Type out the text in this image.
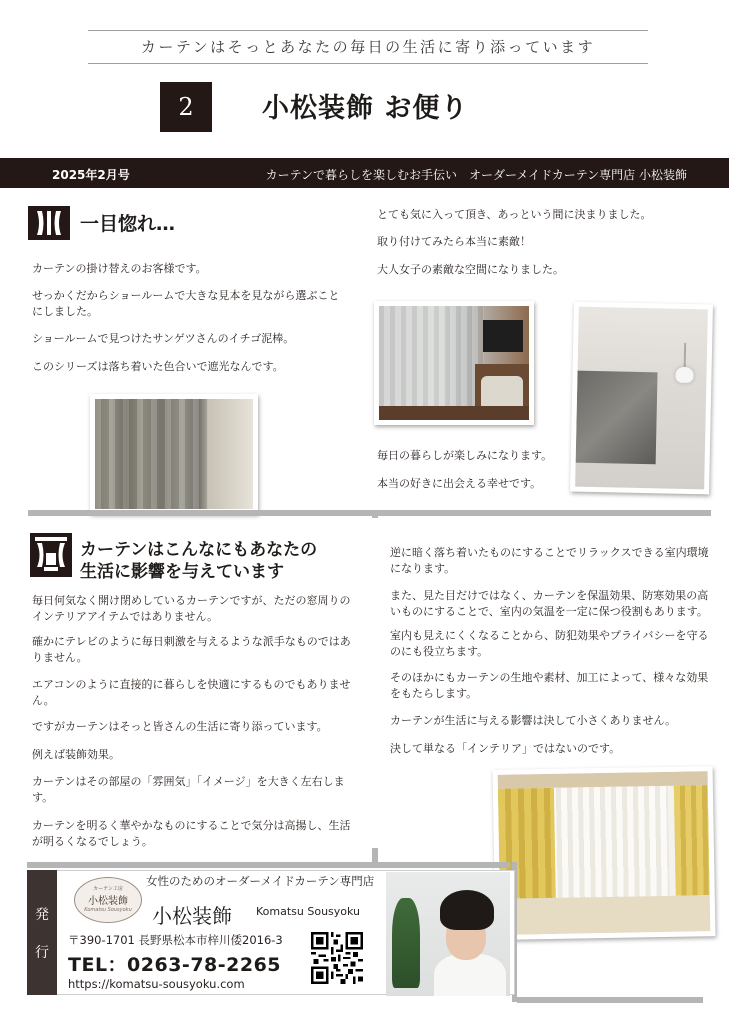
カーテンはそっとあなたの毎日の生活に寄り添っています
2	小松装飾 お便り
2025年2月号	カーテンで暮らしを楽しむお手伝い　オーダーメイドカーテン専門店 小松装飾
一目惚れ…
カーテンの掛け替えのお客様です。
せっかくだからショールームで大きな見本を見ながら選ぶことにしました。
ショールームで見つけたサンゲツさんのイチゴ泥棒。
このシリーズは落ち着いた色合いで遮光なんです。
とても気に入って頂き、あっという間に決まりました。
取り付けてみたら本当に素敵！
大人女子の素敵な空間になりました。
毎日の暮らしが楽しみになります。
本当の好きに出会える幸せです。
カーテンはこんなにもあなたの
生活に影響を与えています
毎日何気なく開け閉めしているカーテンですが、ただの窓周りのインテリアアイテムではありません。
確かにテレビのように毎日刺激を与えるような派手なものではありません。
エアコンのように直接的に暮らしを快適にするものでもありません。
ですがカーテンはそっと皆さんの生活に寄り添っています。
例えば装飾効果。
カーテンはその部屋の「雰囲気」「イメージ」を大きく左右します。
カーテンを明るく華やかなものにすることで気分は高揚し、生活が明るくなるでしょう。
逆に暗く落ち着いたものにすることでリラックスできる室内環境になります。
また、見た目だけではなく、カーテンを保温効果、防寒効果の高いものにすることで、室内の気温を一定に保つ役割もあります。
室内も見えにくくなることから、防犯効果やプライバシーを守るのにも役立ちます。
そのほかにもカーテンの生地や素材、加工によって、様々な効果をもたらします。
カーテンが生活に与える影響は決して小さくありません。
決して単なる「インテリア」ではないのです。
発
行
カーテン工房
小松装飾
Komatsu Sousyoku
女性のためのオーダーメイドカーテン専門店
小松装飾 Komatsu Sousyoku
〒390-1701 長野県松本市梓川倭2016-3
TEL：0263-78-2265
https://komatsu-sousyoku.com
